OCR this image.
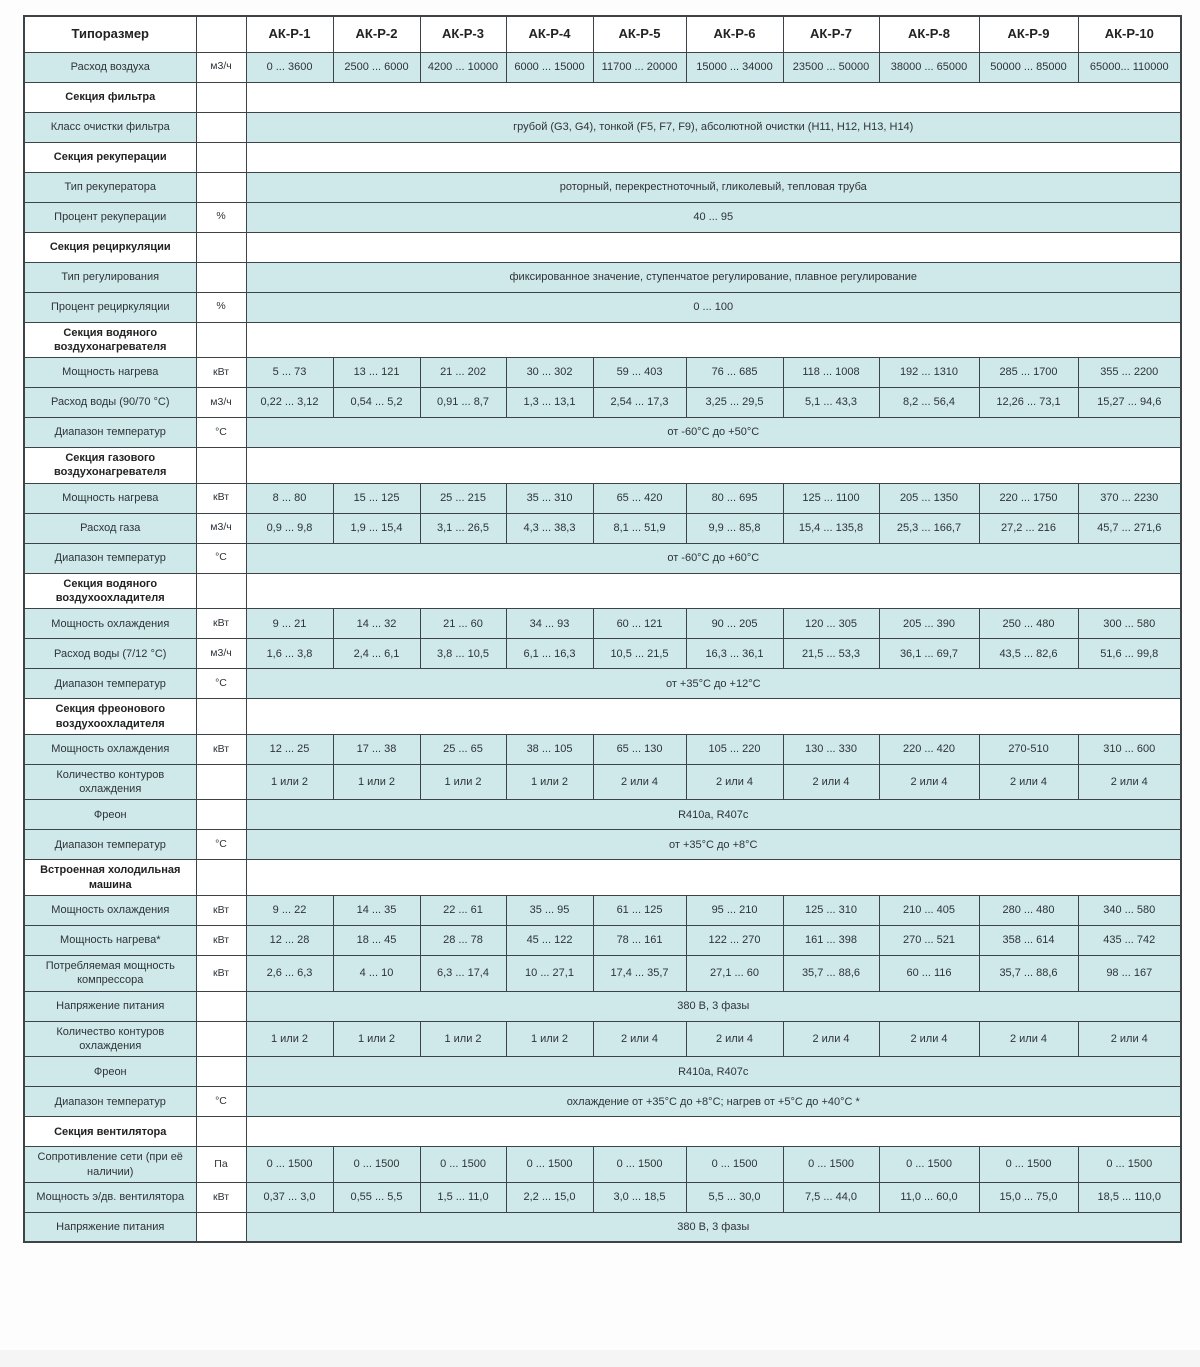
Типоразмер		АК-Р-1	АК-Р-2	АК-Р-3	АК-Р-4	АК-Р-5	АК-Р-6	АК-Р-7	АК-Р-8	АК-Р-9	АК-Р-10
Расход воздуха	м3/ч	0 ... 3600	2500 ... 6000	4200 ... 10000	6000 ... 15000	11700 ... 20000	15000 ... 34000	23500 ... 50000	38000 ... 65000	50000 ... 85000	65000... 110000
Секция фильтра											
Класс очистки фильтра		грубой (G3, G4), тонкой (F5, F7, F9), абсолютной очистки (H11, H12, H13, H14)									
Секция рекуперации											
Тип рекуператора		роторный, перекрестноточный, гликолевый, тепловая труба									
Процент рекуперации	%	40 ... 95									
Секция рециркуляции											
Тип регулирования		фиксированное значение, ступенчатое регулирование, плавное регулирование									
Процент рециркуляции	%	0 ... 100									
Секция водяного воздухонагревателя											
Мощность нагрева	кВт	5 ... 73	13 ... 121	21 ... 202	30 ... 302	59 ... 403	76 ... 685	118 ... 1008	192 ... 1310	285 ... 1700	355 ... 2200
Расход воды (90/70 °С)	м3/ч	0,22 ... 3,12	0,54 ... 5,2	0,91 ... 8,7	1,3 ... 13,1	2,54 ... 17,3	3,25 ... 29,5	5,1 ... 43,3	8,2 ... 56,4	12,26 ... 73,1	15,27 ... 94,6
Диапазон температур	°С	от -60°С до +50°С									
Секция газового воздухонагревателя											
Мощность нагрева	кВт	8 ... 80	15 ... 125	25 ... 215	35 ... 310	65 ... 420	80 ... 695	125 ... 1100	205 ... 1350	220 ... 1750	370 ... 2230
Расход газа	м3/ч	0,9 ... 9,8	1,9 ... 15,4	3,1 ... 26,5	4,3 ... 38,3	8,1 ... 51,9	9,9 ... 85,8	15,4 ... 135,8	25,3 ... 166,7	27,2 ... 216	45,7 ... 271,6
Диапазон температур	°С	от -60°С до +60°С									
Секция водяного воздухоохладителя											
Мощность охлаждения	кВт	9 ... 21	14 ... 32	21 ... 60	34 ... 93	60 ... 121	90 ... 205	120 ... 305	205 ... 390	250 ... 480	300 ... 580
Расход воды (7/12 °С)	м3/ч	1,6 ... 3,8	2,4 ... 6,1	3,8 ... 10,5	6,1 ... 16,3	10,5 ... 21,5	16,3 ... 36,1	21,5 ... 53,3	36,1 ... 69,7	43,5 ... 82,6	51,6 ... 99,8
Диапазон температур	°С	от +35°С до +12°С									
Секция фреонового воздухоохладителя											
Мощность охлаждения	кВт	12 ... 25	17 ... 38	25 ... 65	38 ... 105	65 ... 130	105 ... 220	130 ... 330	220 ... 420	270-510	310 ... 600
Количество контуров охлаждения		1 или 2	1 или 2	1 или 2	1 или 2	2 или 4	2 или 4	2 или 4	2 или 4	2 или 4	2 или 4
Фреон		R410a, R407c									
Диапазон температур	°С	от +35°С до +8°С									
Встроенная холодильная машина											
Мощность охлаждения	кВт	9 ... 22	14 ... 35	22 ... 61	35 ... 95	61 ... 125	95 ... 210	125 ... 310	210 ... 405	280 ... 480	340 ... 580
Мощность нагрева*	кВт	12 ... 28	18 ... 45	28 ... 78	45 ... 122	78 ... 161	122 ... 270	161 ... 398	270 ... 521	358 ... 614	435 ... 742
Потребляемая мощность компрессора	кВт	2,6 ... 6,3	4 ... 10	6,3 ... 17,4	10 ... 27,1	17,4 ... 35,7	27,1 ... 60	35,7 ... 88,6	60 ... 116	35,7 ... 88,6	98 ... 167
Напряжение питания		380 В, 3 фазы									
Количество контуров охлаждения		1 или 2	1 или 2	1 или 2	1 или 2	2 или 4	2 или 4	2 или 4	2 или 4	2 или 4	2 или 4
Фреон		R410a, R407c									
Диапазон температур	°С	охлаждение от +35°С до +8°С; нагрев от +5°С до +40°С *									
Секция вентилятора											
Сопротивление сети (при её наличии)	Па	0 ... 1500	0 ... 1500	0 ... 1500	0 ... 1500	0 ... 1500	0 ... 1500	0 ... 1500	0 ... 1500	0 ... 1500	0 ... 1500
Мощность э/дв. вентилятора	кВт	0,37 ... 3,0	0,55 ... 5,5	1,5 ... 11,0	2,2 ... 15,0	3,0 ... 18,5	5,5 ... 30,0	7,5 ... 44,0	11,0 ... 60,0	15,0 ... 75,0	18,5 ... 110,0
Напряжение питания		380 В, 3 фазы									
